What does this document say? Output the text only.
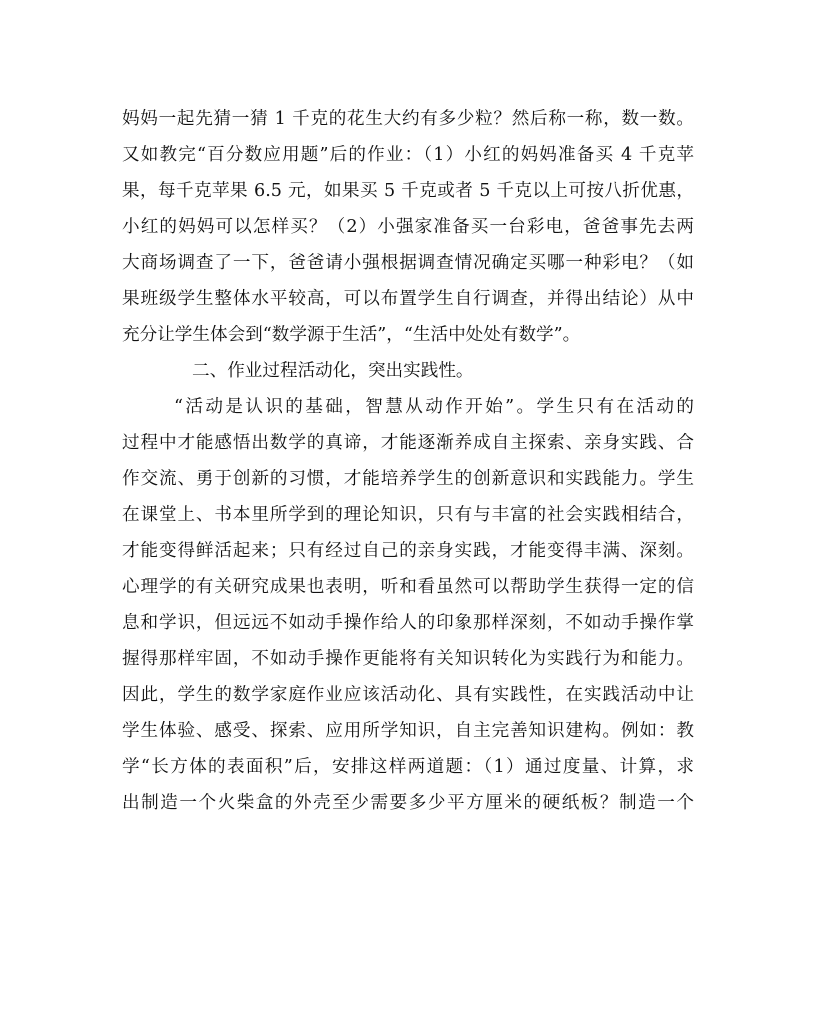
妈妈一起先猜一猜 1 千克的花生大约有多少粒？然后称一称，数一数。
又如教完“百分数应用题”后的作业：（1）小红的妈妈准备买 4 千克苹
果，每千克苹果 6.5 元，如果买 5 千克或者 5 千克以上可按八折优惠，
小红的妈妈可以怎样买？（2）小强家准备买一台彩电，爸爸事先去两
大商场调查了一下，爸爸请小强根据调查情况确定买哪一种彩电？（如
果班级学生整体水平较高，可以布置学生自行调查，并得出结论）从中
充分让学生体会到“数学源于生活”，“生活中处处有数学”。
二、作业过程活动化，突出实践性。
“活动是认识的基础，智慧从动作开始”。学生只有在活动的
过程中才能感悟出数学的真谛，才能逐渐养成自主探索、亲身实践、合
作交流、勇于创新的习惯，才能培养学生的创新意识和实践能力。学生
在课堂上、书本里所学到的理论知识，只有与丰富的社会实践相结合，
才能变得鲜活起来；只有经过自己的亲身实践，才能变得丰满、深刻。
心理学的有关研究成果也表明，听和看虽然可以帮助学生获得一定的信
息和学识，但远远不如动手操作给人的印象那样深刻，不如动手操作掌
握得那样牢固，不如动手操作更能将有关知识转化为实践行为和能力。
因此，学生的数学家庭作业应该活动化、具有实践性，在实践活动中让
学生体验、感受、探索、应用所学知识，自主完善知识建构。例如：教
学“长方体的表面积”后，安排这样两道题：（1）通过度量、计算，求
出制造一个火柴盒的外壳至少需要多少平方厘米的硬纸板？制造一个
